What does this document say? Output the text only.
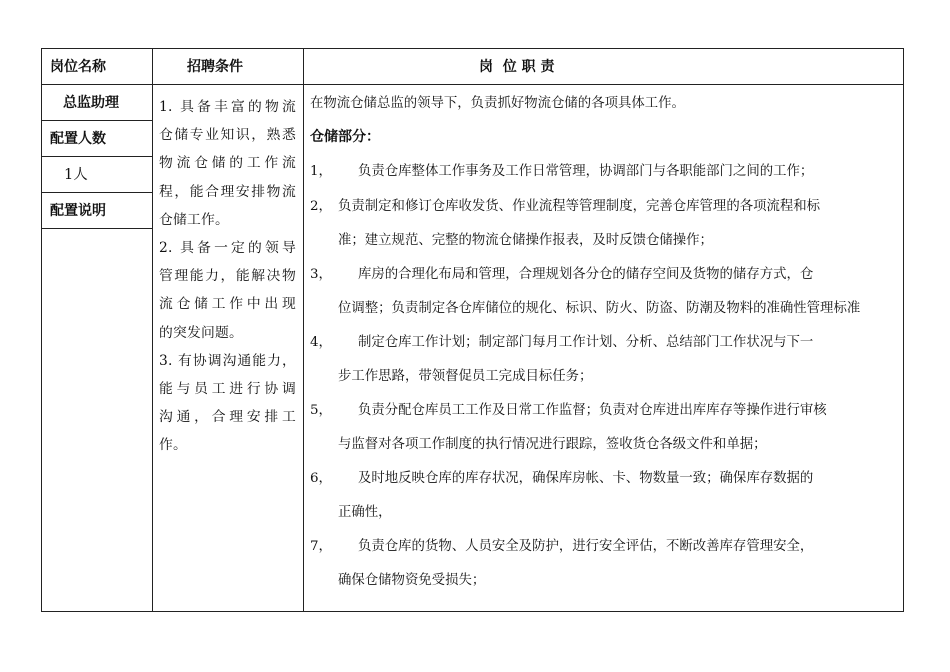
岗位名称	招聘条件	岗  位 职 责
总监助理
配置人数
1人
配置说明
1. 具备丰富的物流
仓储专业知识，熟悉
物流仓储的工作流
程，能合理安排物流
仓储工作。
2. 具备一定的领导
管理能力，能解决物
流仓储工作中出现
的突发问题。
3. 有协调沟通能力，
能与员工进行协调
沟通，合理安排工
作。
在物流仓储总监的领导下，负责抓好物流仓储的各项具体工作。
仓储部分：
1， 负责仓库整体工作事务及工作日常管理，协调部门与各职能部门之间的工作；
2， 负责制定和修订仓库收发货、作业流程等管理制度，完善仓库管理的各项流程和标
准；建立规范、完整的物流仓储操作报表，及时反馈仓储操作；
3， 库房的合理化布局和管理，合理规划各分仓的储存空间及货物的储存方式，仓
位调整；负责制定各仓库储位的规化、标识、防火、防盗、防潮及物料的准确性管理标准
4， 制定仓库工作计划；制定部门每月工作计划、分析、总结部门工作状况与下一
步工作思路，带领督促员工完成目标任务；
5， 负责分配仓库员工工作及日常工作监督；负责对仓库进出库库存等操作进行审核
与监督对各项工作制度的执行情况进行跟踪，签收货仓各级文件和单据；
6， 及时地反映仓库的库存状况，确保库房帐、卡、物数量一致；确保库存数据的
正确性，
7， 负责仓库的货物、人员安全及防护，进行安全评估，不断改善库存管理安全，
确保仓储物资免受损失；
